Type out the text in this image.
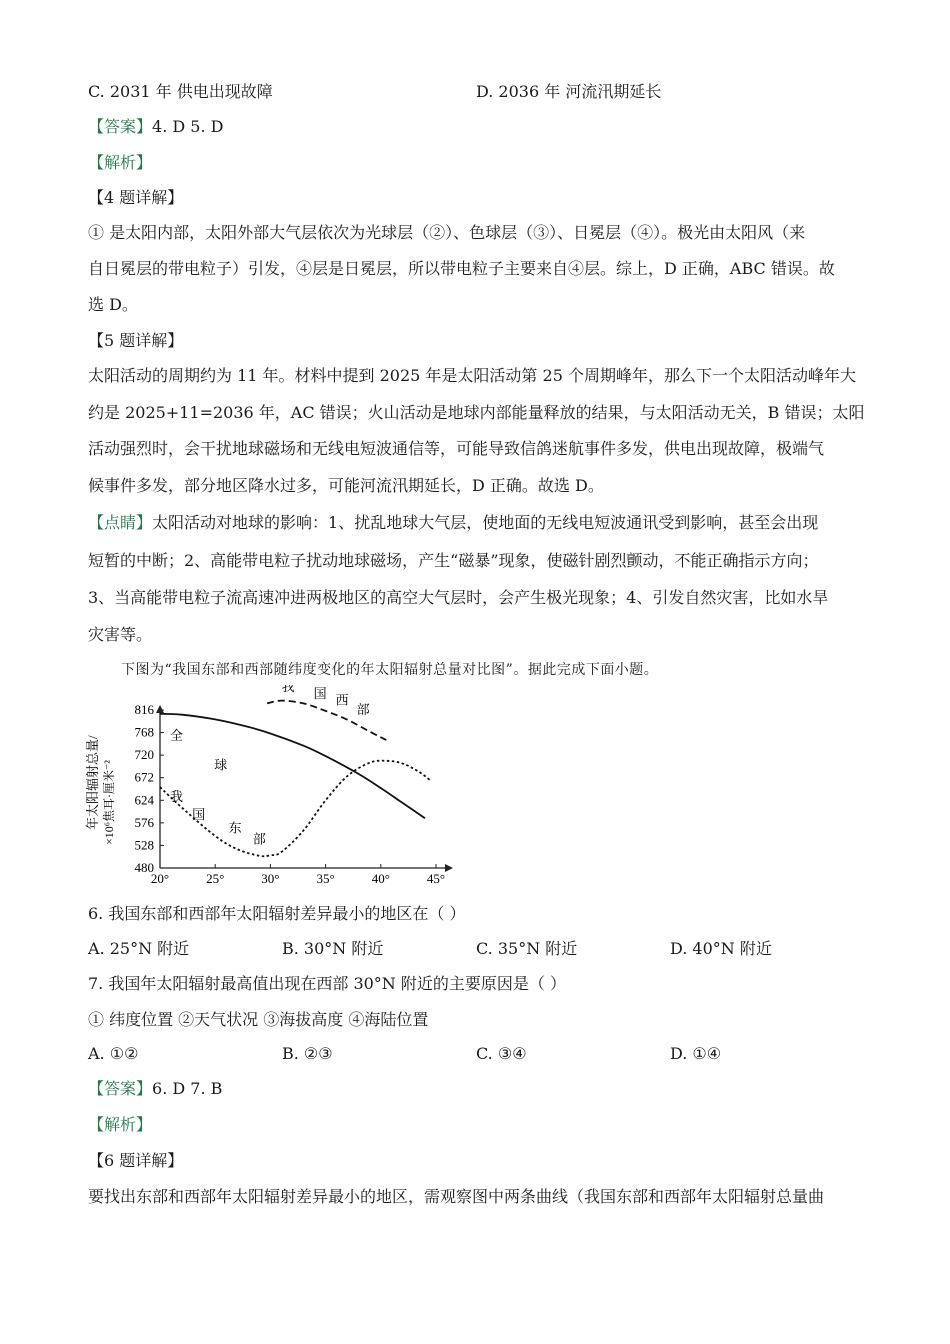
C. 2031 年 供电出现故障	D. 2036 年 河流汛期延长
【答案】4. D 5. D
【解析】
【4 题详解】
① 是太阳内部，太阳外部大气层依次为光球层（②）、色球层（③）、日冕层（④）。极光由太阳风（来
自日冕层的带电粒子）引发，④层是日冕层，所以带电粒子主要来自④层。综上，D 正确，ABC 错误。故
选 D。
【5 题详解】
太阳活动的周期约为 11 年。材料中提到 2025 年是太阳活动第 25 个周期峰年，那么下一个太阳活动峰年大
约是 2025+11=2036 年，AC 错误；火山活动是地球内部能量释放的结果，与太阳活动无关，B 错误；太阳
活动强烈时，会干扰地球磁场和无线电短波通信等，可能导致信鸽迷航事件多发，供电出现故障，极端气
候事件多发，部分地区降水过多，可能河流汛期延长，D 正确。故选 D。
【点睛】太阳活动对地球的影响：1、扰乱地球大气层，使地面的无线电短波通讯受到影响，甚至会出现
短暂的中断；2、高能带电粒子扰动地球磁场，产生“磁暴”现象，使磁针剧烈颤动，不能正确指示方向；
3、当高能带电粒子流高速冲进两极地区的高空大气层时，会产生极光现象；4、引发自然灾害，比如水旱
灾害等。
下图为“我国东部和西部随纬度变化的年太阳辐射总量对比图”。据此完成下面小题。
年太阳辐射总量/ ×10⁶焦耳·厘米⁻²
480
528
576
624
672
720
768
816
20°	25°	30°	35°	40°	45°
全
球
我 国 西
部
我
国
东
部
6. 我国东部和西部年太阳辐射差异最小的地区在（ ）
A. 25°N 附近	B. 30°N 附近	C. 35°N 附近	D. 40°N 附近
7. 我国年太阳辐射最高值出现在西部 30°N 附近的主要原因是（ ）
① 纬度位置 ②天气状况 ③海拔高度 ④海陆位置
A. ①②	B. ②③	C. ③④	D. ①④
【答案】6. D 7. B
【解析】
【6 题详解】
要找出东部和西部年太阳辐射差异最小的地区，需观察图中两条曲线（我国东部和西部年太阳辐射总量曲
